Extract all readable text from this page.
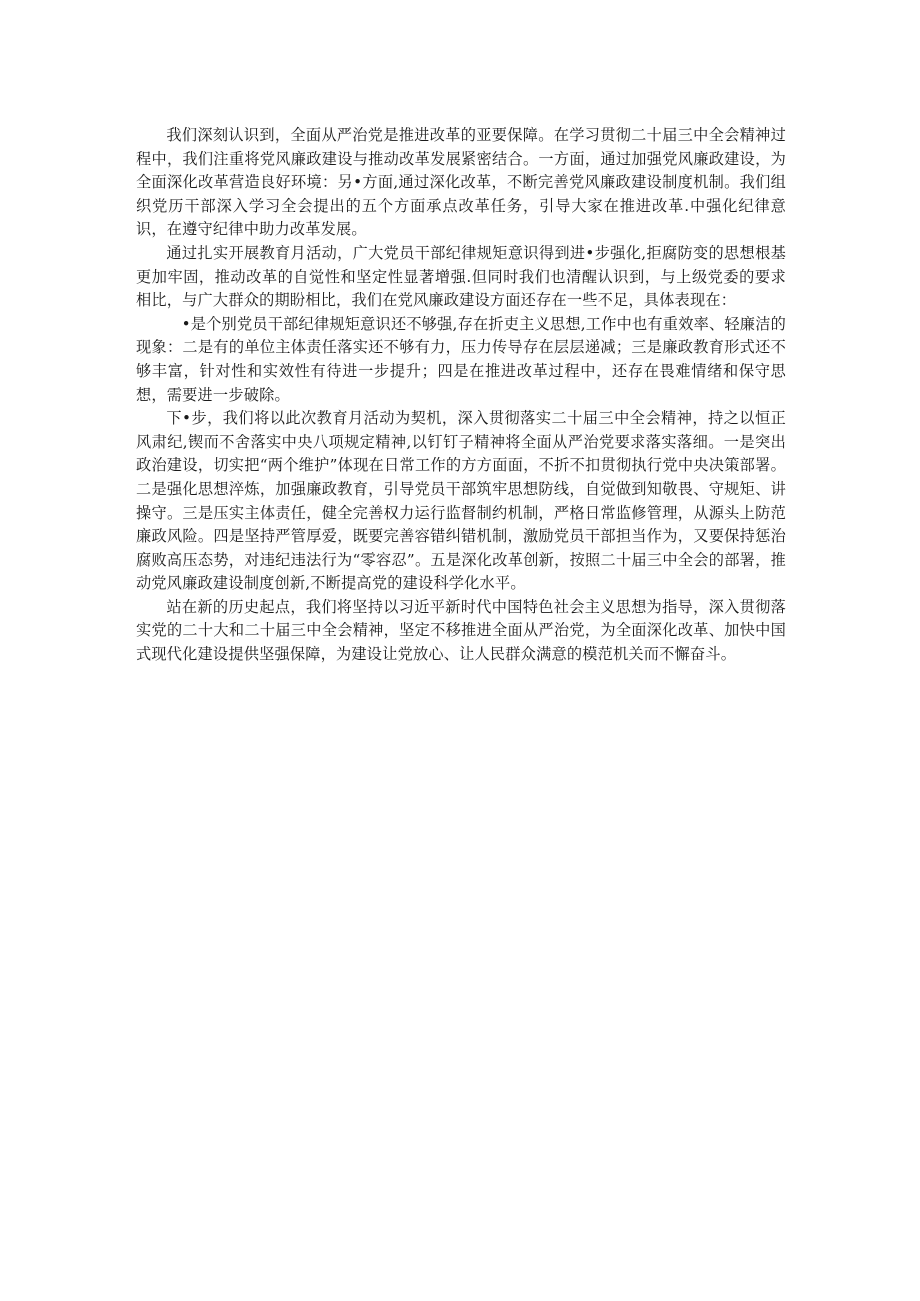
我们深刻认识到，全面从严治党是推进改革的亚要保障。在学习贯彻二十届三中全会精神过程中，我们注重将党风廉政建设与推动改革发展紧密结合。一方面，通过加强党风廉政建设，为全面深化改革营造良好环境：另•方面,通过深化改革，不断完善党风廉政建设制度机制。我们组织党历干部深入学习全会提出的五个方面承点改革任务，引导大家在推进改革.中强化纪律意识，在遵守纪律中助力改革发展。

通过扎实开展教育月活动，广大党员干部纪律规矩意识得到进•步强化,拒腐防变的思想根基更加牢固，推动改革的自觉性和坚定性显著增强.但同时我们也清醒认识到，与上级党委的要求相比，与广大群众的期盼相比，我们在党风廉政建设方面还存在一些不足，具体表现在：

•是个别党员干部纪律规矩意识还不够强,存在折吏主义思想,工作中也有重效率、轻廉洁的现象：二是有的单位主体责任落实还不够有力，压力传导存在层层递减；三是廉政教育形式还不够丰富，针对性和实效性有待进一步提升；四是在推进改革过程中，还存在畏难情绪和保守思想，需要进一步破除。

下•步，我们将以此次教育月活动为契机，深入贯彻落实二十届三中全会精神，持之以恒正风肃纪,锲而不舍落实中央八项规定精神,以钉钉子精神将全面从严治党要求落实落细。一是突出政治建设，切实把“两个维护”体现在日常工作的方方面面，不折不扣贯彻执行党中央决策部署。二是强化思想淬炼，加强廉政教育，引导党员干部筑牢思想防线，自觉做到知敬畏、守规矩、讲操守。三是压实主体责任，健全完善权力运行监督制约机制，严格日常监修管理，从源头上防范廉政风险。四是坚持严管厚爱，既要完善容错纠错机制，激励党员干部担当作为，又要保持惩治腐败高压态势，对违纪违法行为“零容忍”。五是深化改革创新，按照二十届三中全会的部署，推动党风廉政建设制度创新,不断提高党的建设科学化水平。

站在新的历史起点，我们将坚持以习近平新时代中国特色社会主义思想为指导，深入贯彻落实党的二十大和二十届三中全会精神，坚定不移推进全面从严治党，为全面深化改革、加快中国式现代化建设提供坚强保障，为建设让党放心、让人民群众满意的模范机关而不懈奋斗。
